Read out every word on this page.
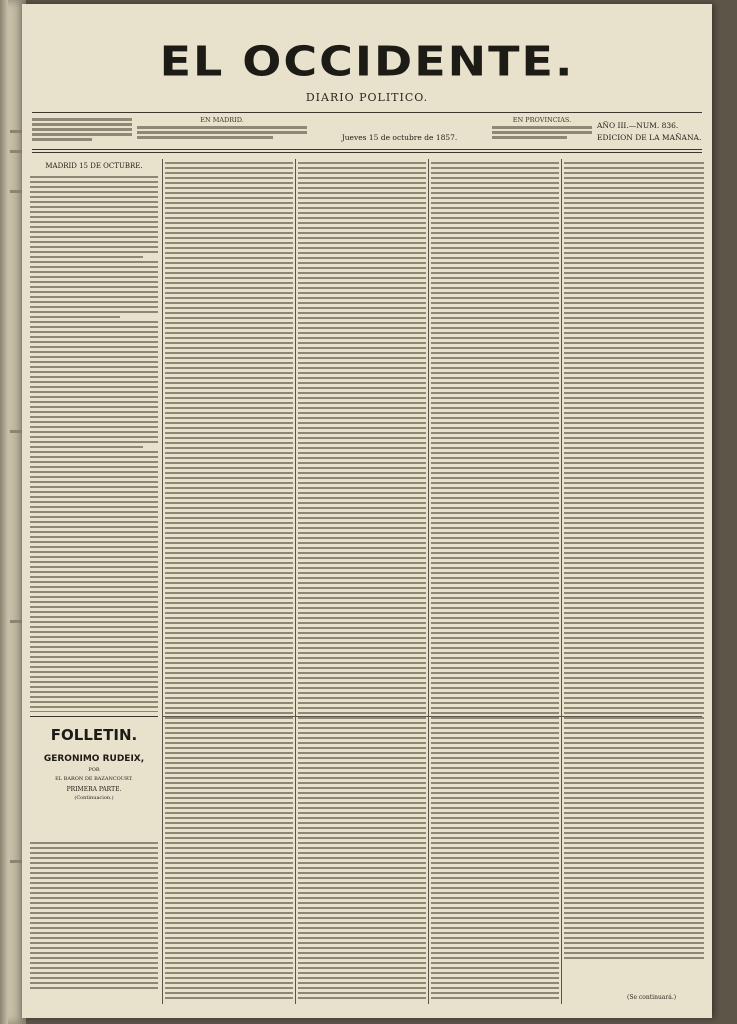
EL OCCIDENTE.
DIARIO POLITICO.
EN MADRID.
Jueves 15 de octubre de 1857.
EN PROVINCIAS.
AÑO III.—NUM. 836.
EDICION DE LA MAÑANA.
MADRID 15 DE OCTUBRE.
FOLLETIN.
GERONIMO RUDEIX,
POR
EL BARON DE BAZANCOURT.
PRIMERA PARTE.
(Continuacion.)
(Se continuará.)
